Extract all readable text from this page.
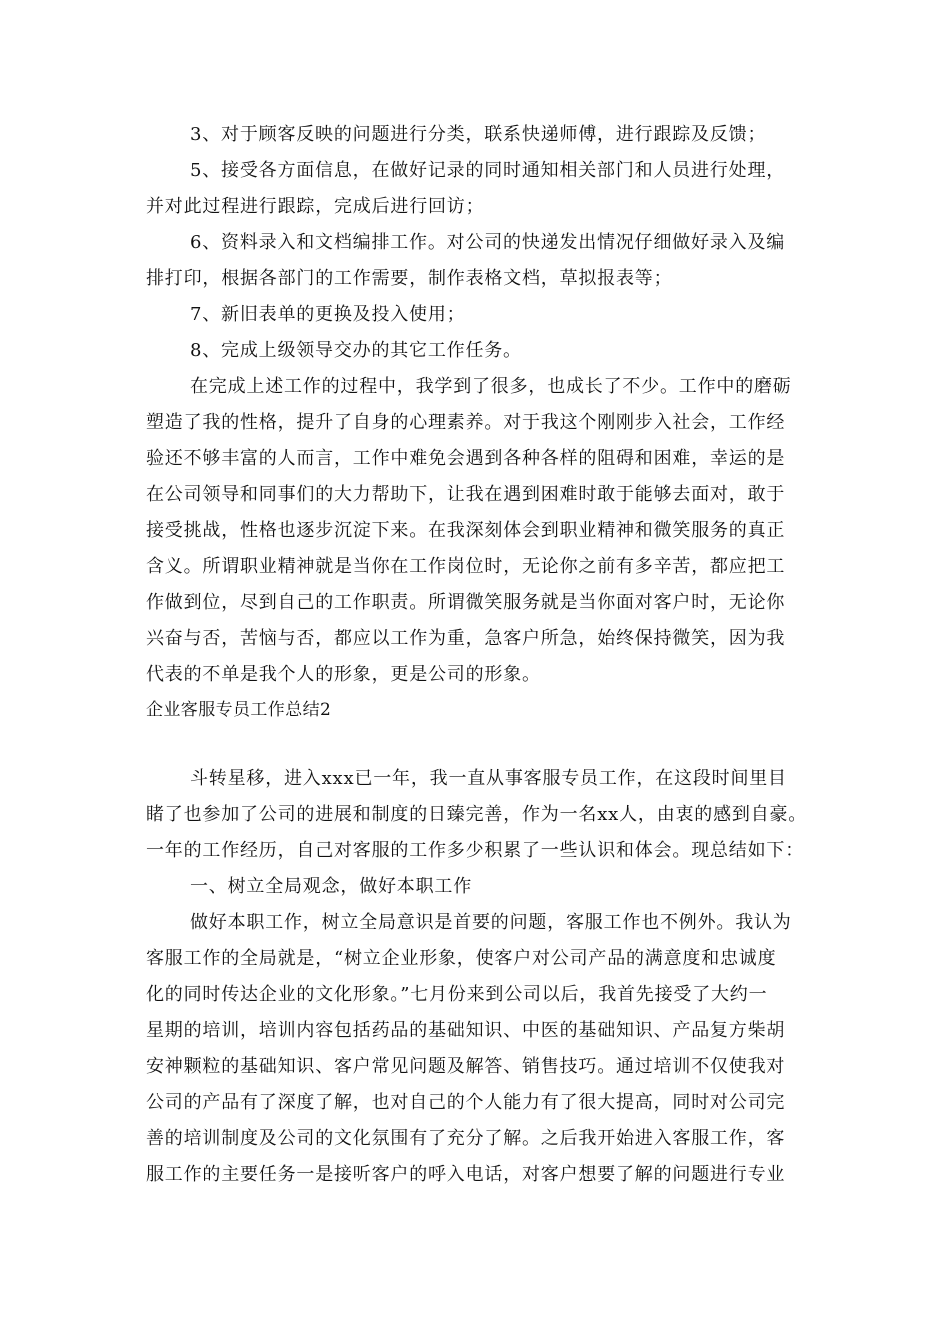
3、对于顾客反映的问题进行分类，联系快递师傅，进行跟踪及反馈；
5、接受各方面信息，在做好记录的同时通知相关部门和人员进行处理，
并对此过程进行跟踪，完成后进行回访；
6、资料录入和文档编排工作。对公司的快递发出情况仔细做好录入及编
排打印，根据各部门的工作需要，制作表格文档，草拟报表等；
7、新旧表单的更换及投入使用；
8、完成上级领导交办的其它工作任务。
在完成上述工作的过程中，我学到了很多，也成长了不少。工作中的磨砺
塑造了我的性格，提升了自身的心理素养。对于我这个刚刚步入社会，工作经
验还不够丰富的人而言，工作中难免会遇到各种各样的阻碍和困难，幸运的是
在公司领导和同事们的大力帮助下，让我在遇到困难时敢于能够去面对，敢于
接受挑战，性格也逐步沉淀下来。在我深刻体会到职业精神和微笑服务的真正
含义。所谓职业精神就是当你在工作岗位时，无论你之前有多辛苦，都应把工
作做到位，尽到自己的工作职责。所谓微笑服务就是当你面对客户时，无论你
兴奋与否，苦恼与否，都应以工作为重，急客户所急，始终保持微笑，因为我
代表的不单是我个人的形象，更是公司的形象。
企业客服专员工作总结2
斗转星移，进入xxx已一年，我一直从事客服专员工作，在这段时间里目
睹了也参加了公司的进展和制度的日臻完善，作为一名xx人，由衷的感到自豪。
一年的工作经历，自己对客服的工作多少积累了一些认识和体会。现总结如下：
一、树立全局观念，做好本职工作
做好本职工作，树立全局意识是首要的问题，客服工作也不例外。我认为
客服工作的全局就是，“树立企业形象，使客户对公司产品的满意度和忠诚度
化的同时传达企业的文化形象。”七月份来到公司以后，我首先接受了大约一
星期的培训，培训内容包括药品的基础知识、中医的基础知识、产品复方柴胡
安神颗粒的基础知识、客户常见问题及解答、销售技巧。通过培训不仅使我对
公司的产品有了深度了解，也对自己的个人能力有了很大提高，同时对公司完
善的培训制度及公司的文化氛围有了充分了解。之后我开始进入客服工作，客
服工作的主要任务一是接听客户的呼入电话，对客户想要了解的问题进行专业
